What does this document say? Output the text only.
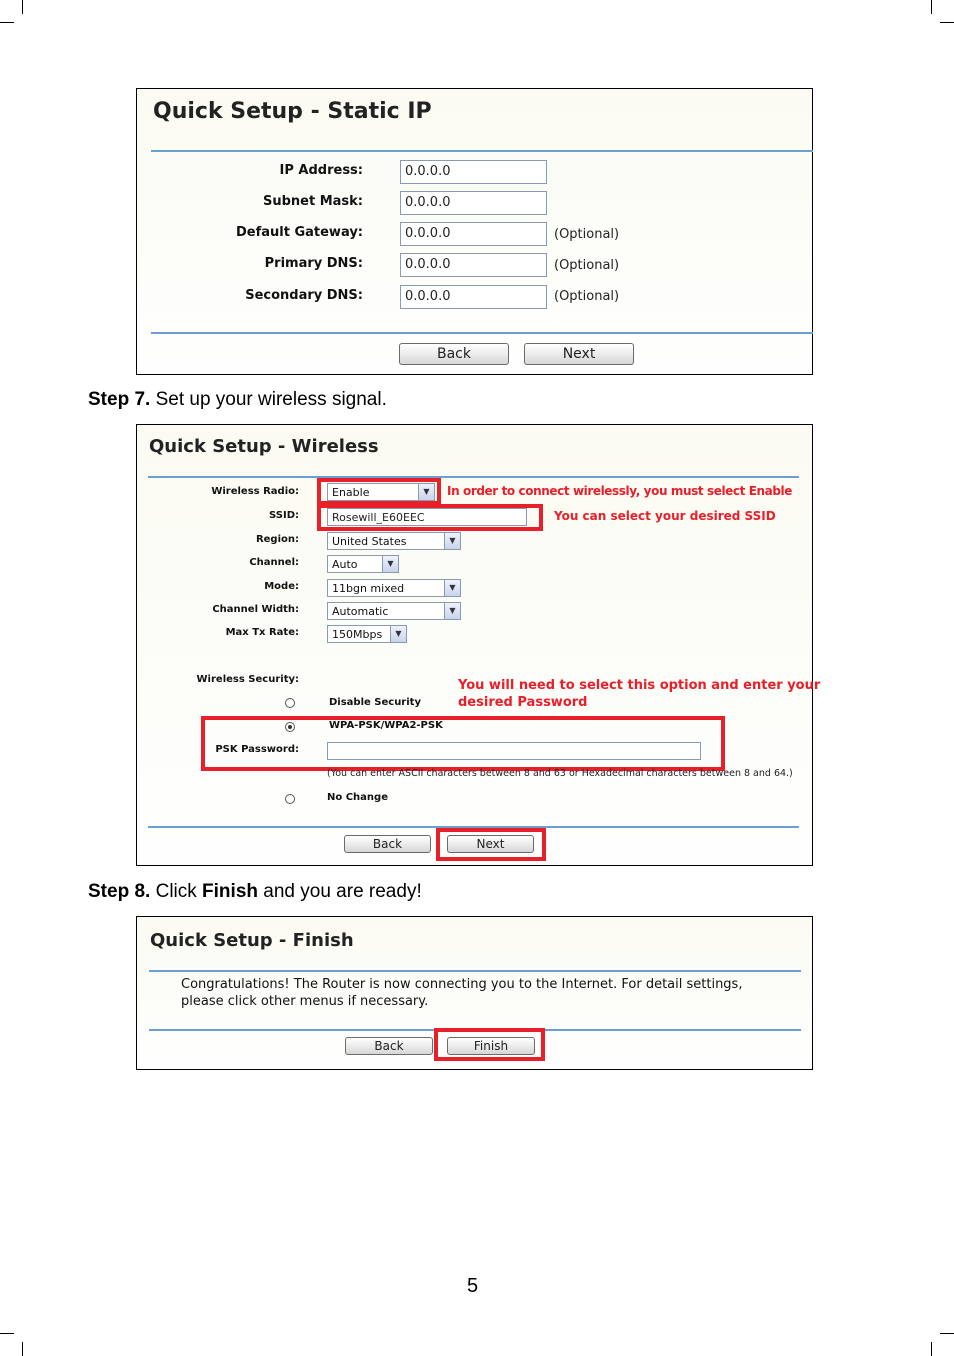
Quick Setup - Static IP
IP Address:	0.0.0.0
Subnet Mask:	0.0.0.0
Default Gateway:	0.0.0.0	(Optional)
Primary DNS:	0.0.0.0	(Optional)
Secondary DNS:	0.0.0.0	(Optional)
Back	Next
Step 7. Set up your wireless signal.
Quick Setup - Wireless
Wireless Radio:	Enable	▼	In order to connect wirelessly, you must select Enable
SSID:	Rosewill_E60EEC	You can select your desired SSID
Region:	United States	▼
Channel:	Auto	▼
Mode:	11bgn mixed	▼
Channel Width:	Automatic	▼
Max Tx Rate:	150Mbps	▼
Wireless Security:	You will need to select this option and enter your
desired Password
Disable Security
WPA-PSK/WPA2-PSK
PSK Password:
(You can enter ASCII characters between 8 and 63 or Hexadecimal characters between 8 and 64.)
No Change
Back	Next
Step 8. Click Finish and you are ready!
Quick Setup - Finish
Congratulations! The Router is now connecting you to the Internet. For detail settings,
please click other menus if necessary.
Back	Finish
5
